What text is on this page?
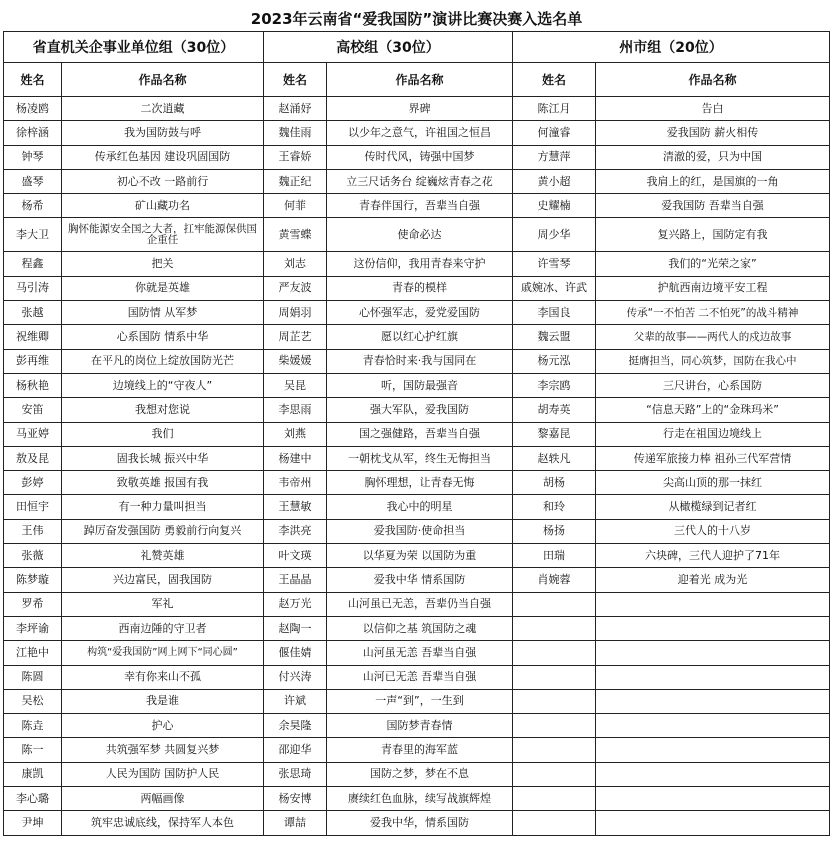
2023年云南省“爱我国防”演讲比赛决赛入选名单					
省直机关企事业单位组（30位）		高校组（30位）		州市组（20位）	
姓名	作品名称	姓名	作品名称	姓名	作品名称
杨凌鸥	二次逍藏	赵涌妤	界碑	陈江月	告白
徐梓涵	我为国防鼓与呼	魏佳雨	以少年之意气，许祖国之恒昌	何潼睿	爱我国防 薪火相传
钟琴	传承红色基因 建设巩固国防	王睿娇	传时代风，铸强中国梦	方慧萍	清澈的爱，只为中国
盛琴	初心不改 一路前行	魏正纪	立三尺话务台 绽巍炫青春之花	黄小超	我肩上的红，是国旗的一角
杨希	矿山藏功名	何菲	青春伴国行，吾辈当自强	史耀楠	爱我国防 吾辈当自强
李大卫	胸怀能源安全国之大者，扛牢能源保供国企重任	黄雪蝶	使命必达	周少华	复兴路上，国防定有我
程鑫	把关	刘志	这份信仰，我用青春来守护	许雪琴	我们的“光荣之家”
马引涛	你就是英雄	严友波	青春的模样	戚婉冰、许武	护航西南边境平安工程
张越	国防情 从军梦	周娟羽	心怀强军志，爱党爱国防	李国良	传承“一不怕苦 二不怕死”的战斗精神
祝维卿	心系国防 情系中华	周芷艺	愿以红心护红旗	魏云盟	父辈的故事——两代人的戍边故事
彭再维	在平凡的岗位上绽放国防光芒	柴媛媛	青春恰时来·我与国同在	杨元泓	挺膺担当，同心筑梦，国防在我心中
杨秋艳	边境线上的“守夜人”	吴昆	听，国防最强音	李宗鸥	三尺讲台，心系国防
安笛	我想对您说	李思雨	强大军队，爱我国防	胡寿英	“信息天路”上的“金珠玛米”
马亚婷	我们	刘燕	国之强健路，吾辈当自强	黎嘉昆	行走在祖国边境线上
敖及昆	固我长城 振兴中华	杨建中	一朝枕戈从军，终生无悔担当	赵轶凡	传递军旅接力棒 祖孙三代军营情
彭婷	致敬英雄 报国有我	韦帝州	胸怀理想，让青春无悔	胡杨	尖高山顶的那一抹红
田恒宇	有一种力量叫担当	王慧敏	我心中的明星	和玲	从橄榄绿到记者红
王伟	踔厉奋发强国防 勇毅前行向复兴	李洪亮	爱我国防·使命担当	杨扬	三代人的十八岁
张薇	礼赞英雄	叶文瑛	以华夏为荣 以国防为重	田瑞	六块碑，三代人迎护了71年
陈梦璇	兴边富民，固我国防	王晶晶	爱我中华 情系国防	肖婉蓉	迎着光 成为光
罗希	军礼	赵万光	山河虽已无恙，吾辈仍当自强		
李坪谕	西南边陲的守卫者	赵陶一	以信仰之基 筑国防之魂		
江艳中	构筑“爱我国防”网上网下“同心圆”	偃佳婧	山河虽无恙 吾辈当自强		
陈圆	幸有你来山不孤	付兴涛	山河已无恙 吾辈当自强		
吴松	我是谁	许斌	一声“到”，一生到		
陈垚	护心	余昊隆	国防梦青春情		
陈一	共筑强军梦 共圆复兴梦	邵迎华	青春里的海军蓝		
康凯	人民为国防 国防护人民	张思琦	国防之梦，梦在不息		
李心璐	两幅画像	杨安博	赓续红色血脉，续写战旗辉煌		
尹坤	筑牢忠诚底线，保持军人本色	谭喆	爱我中华，情系国防		
